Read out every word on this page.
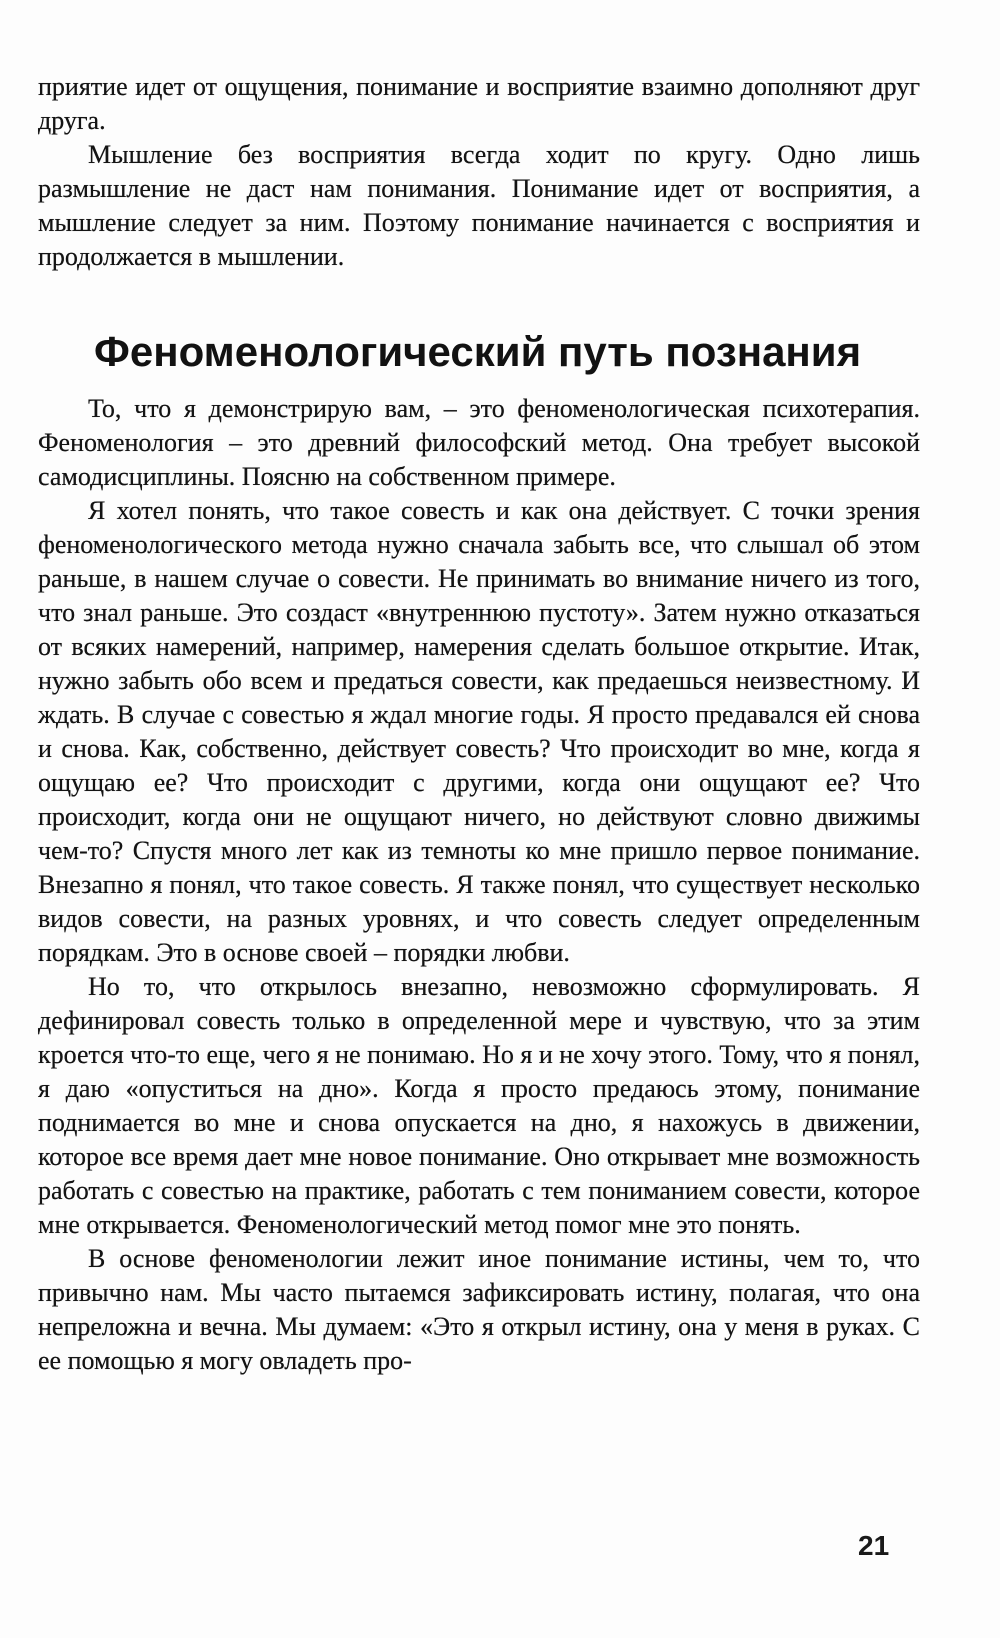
приятие идет от ощущения, понимание и восприятие взаимно дополняют друг друга.

Мышление без восприятия всегда ходит по кругу. Одно лишь размышление не даст нам понимания. Понимание идет от восприятия, а мышление следует за ним. Поэтому понимание начинается с восприятия и продолжается в мышлении.

Феноменологический путь познания

То, что я демонстрирую вам, – это феноменологическая психотерапия. Феноменология – это древний философский метод. Она требует высокой самодисциплины. Поясню на собственном примере.

Я хотел понять, что такое совесть и как она действует. С точки зрения феноменологического метода нужно сначала забыть все, что слышал об этом раньше, в нашем случае о совести. Не принимать во внимание ничего из того, что знал раньше. Это создаст «внутреннюю пустоту». Затем нужно отказаться от всяких намерений, например, намерения сделать большое открытие. Итак, нужно забыть обо всем и предаться совести, как предаешься неизвестному. И ждать. В случае с совестью я ждал многие годы. Я просто предавался ей снова и снова. Как, собственно, действует совесть? Что происходит во мне, когда я ощущаю ее? Что происходит с другими, когда они ощущают ее? Что происходит, когда они не ощущают ничего, но действуют словно движимы чем-то? Спустя много лет как из темноты ко мне пришло первое понимание. Внезапно я понял, что такое совесть. Я также понял, что существует несколько видов совести, на разных уровнях, и что совесть следует определенным порядкам. Это в основе своей – порядки любви.

Но то, что открылось внезапно, невозможно сформулировать. Я дефинировал совесть только в определенной мере и чувствую, что за этим кроется что-то еще, чего я не понимаю. Но я и не хочу этого. Тому, что я понял, я даю «опуститься на дно». Когда я просто предаюсь этому, понимание поднимается во мне и снова опускается на дно, я нахожусь в движении, которое все время дает мне новое понимание. Оно открывает мне возможность работать с совестью на практике, работать с тем пониманием совести, которое мне открывается. Феноменологический метод помог мне это понять.

В основе феноменологии лежит иное понимание истины, чем то, что привычно нам. Мы часто пытаемся зафиксировать истину, полагая, что она непреложна и вечна. Мы думаем: «Это я открыл истину, она у меня в руках. С ее помощью я могу овладеть про-

21
